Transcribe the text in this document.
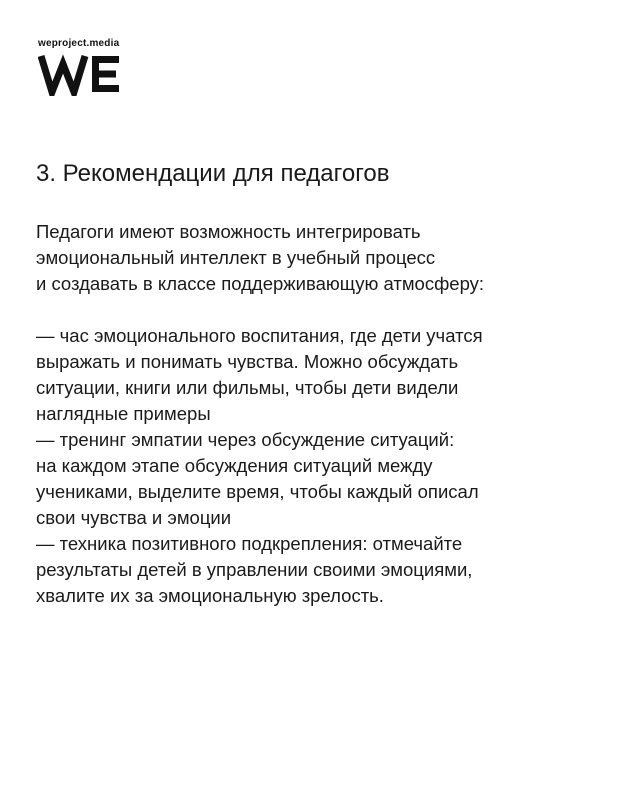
weproject.media
3. Рекомендации для педагогов

Педагоги имеют возможность интегрировать

эмоциональный интеллект в учебный процесс

и создавать в классе поддерживающую атмосферу:

— час эмоционального воспитания, где дети учатся

выражать и понимать чувства. Можно обсуждать

ситуации, книги или фильмы, чтобы дети видели

наглядные примеры

— тренинг эмпатии через обсуждение ситуаций:

на каждом этапе обсуждения ситуаций между

учениками, выделите время, чтобы каждый описал

свои чувства и эмоции

— техника позитивного подкрепления: отмечайте

результаты детей в управлении своими эмоциями,

хвалите их за эмоциональную зрелость.
